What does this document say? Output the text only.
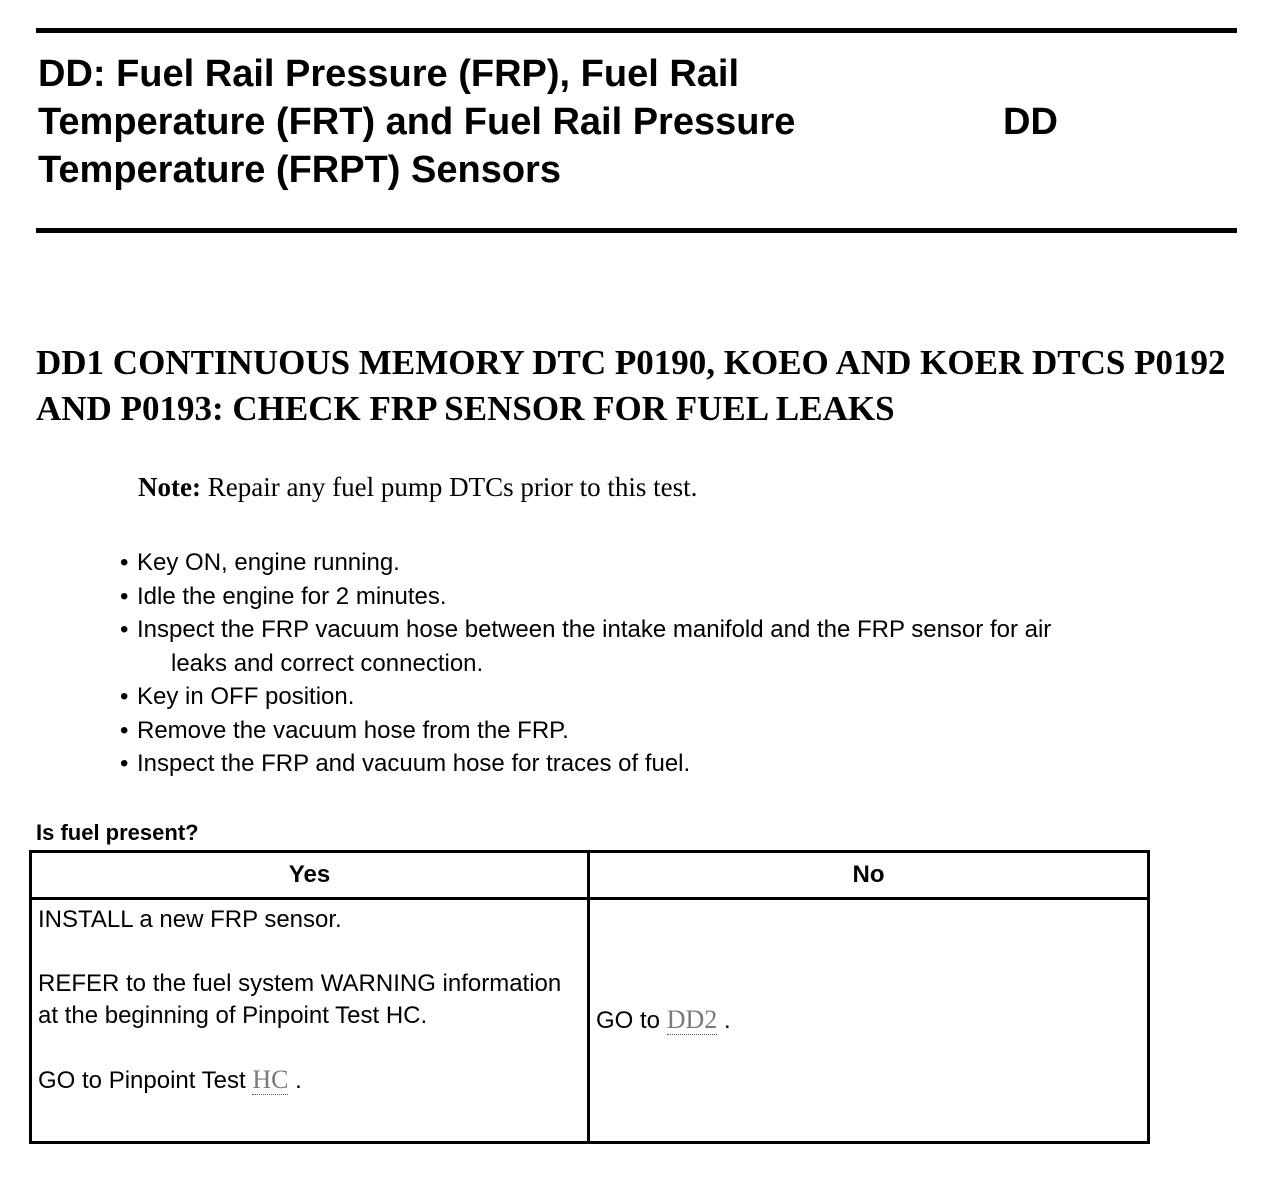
DD: Fuel Rail Pressure (FRP), Fuel Rail Temperature (FRT) and Fuel Rail Pressure Temperature (FRPT) Sensors
DD
DD1 CONTINUOUS MEMORY DTC P0190, KOEO AND KOER DTCS P0192 AND P0193: CHECK FRP SENSOR FOR FUEL LEAKS
Note: Repair any fuel pump DTCs prior to this test.
• Key ON, engine running.
• Idle the engine for 2 minutes.
• Inspect the FRP vacuum hose between the intake manifold and the FRP sensor for air
leaks and correct connection.
• Key in OFF position.
• Remove the vacuum hose from the FRP.
• Inspect the FRP and vacuum hose for traces of fuel.
Is fuel present?
Yes	No

INSTALL a new FRP sensor.

REFER to the fuel system WARNING information at the beginning of Pinpoint Test HC.

GO to Pinpoint Test HC .	GO to DD2 .
